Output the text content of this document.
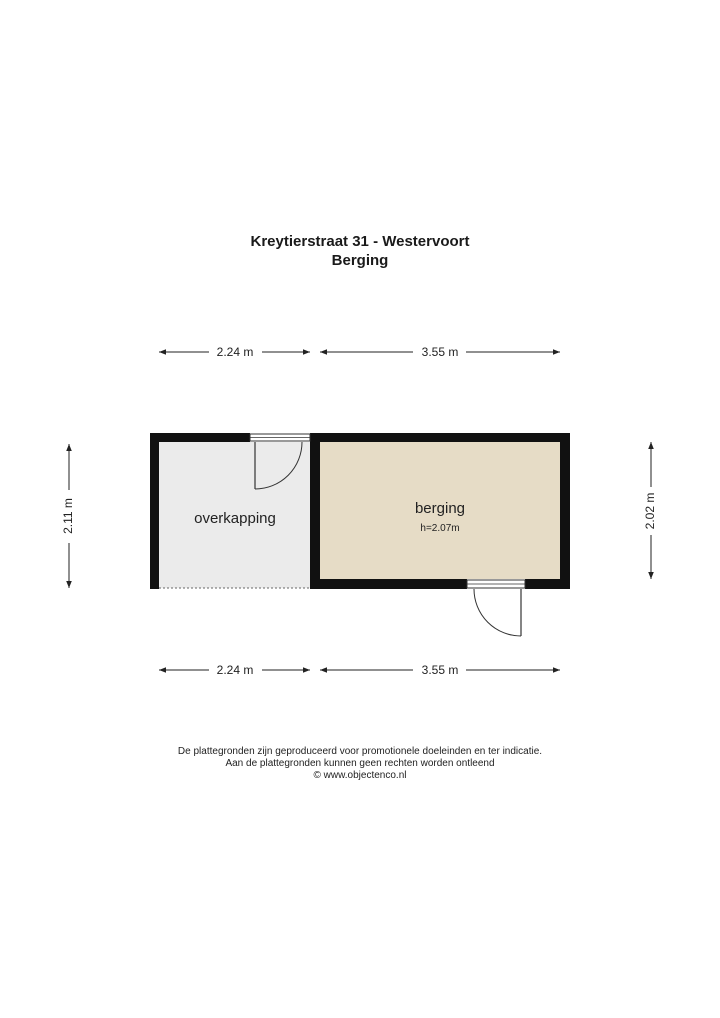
Kreytierstraat 31 - Westervoort
Berging
overkapping
berging
h=2.07m
2.24 m	3.55 m
2.24 m	3.55 m
2.11 m	2.02 m
De plattegronden zijn geproduceerd voor promotionele doeleinden en ter indicatie.
Aan de plattegronden kunnen geen rechten worden ontleend
© www.objectenco.nl
